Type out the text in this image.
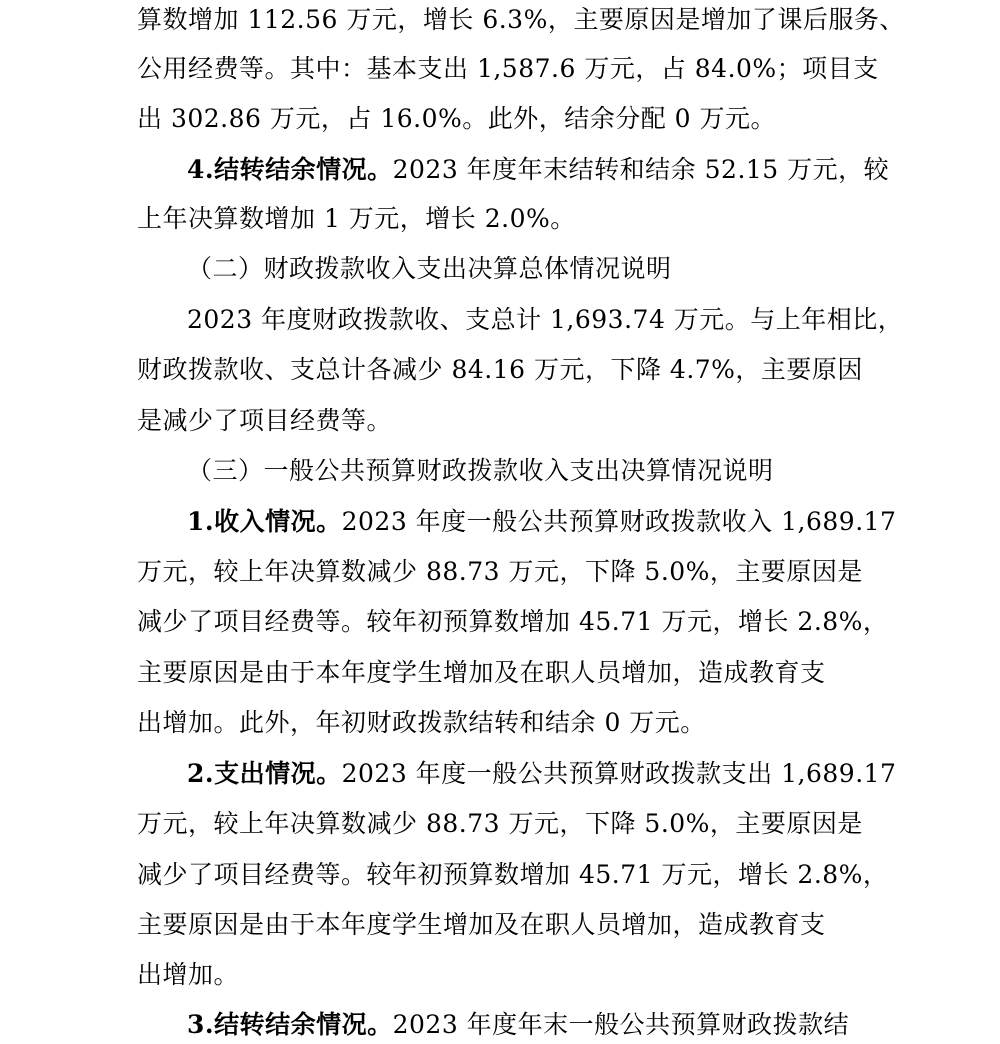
算数增加 112.56 万元，增长 6.3%，主要原因是增加了课后服务、
公用经费等。其中：基本支出 1,587.6 万元，占 84.0%；项目支
出 302.86 万元，占 16.0%。此外，结余分配 0 万元。
4.结转结余情况。2023 年度年末结转和结余 52.15 万元，较
上年决算数增加 1 万元，增长 2.0%。
（二）财政拨款收入支出决算总体情况说明
2023 年度财政拨款收、支总计 1,693.74 万元。与上年相比，
财政拨款收、支总计各减少 84.16 万元，下降 4.7%，主要原因
是减少了项目经费等。
（三）一般公共预算财政拨款收入支出决算情况说明
1.收入情况。2023 年度一般公共预算财政拨款收入 1,689.17
万元，较上年决算数减少 88.73 万元，下降 5.0%，主要原因是
减少了项目经费等。较年初预算数增加 45.71 万元，增长 2.8%，
主要原因是由于本年度学生增加及在职人员增加，造成教育支
出增加。此外，年初财政拨款结转和结余 0 万元。
2.支出情况。2023 年度一般公共预算财政拨款支出 1,689.17
万元，较上年决算数减少 88.73 万元，下降 5.0%，主要原因是
减少了项目经费等。较年初预算数增加 45.71 万元，增长 2.8%，
主要原因是由于本年度学生增加及在职人员增加，造成教育支
出增加。
3.结转结余情况。2023 年度年末一般公共预算财政拨款结
